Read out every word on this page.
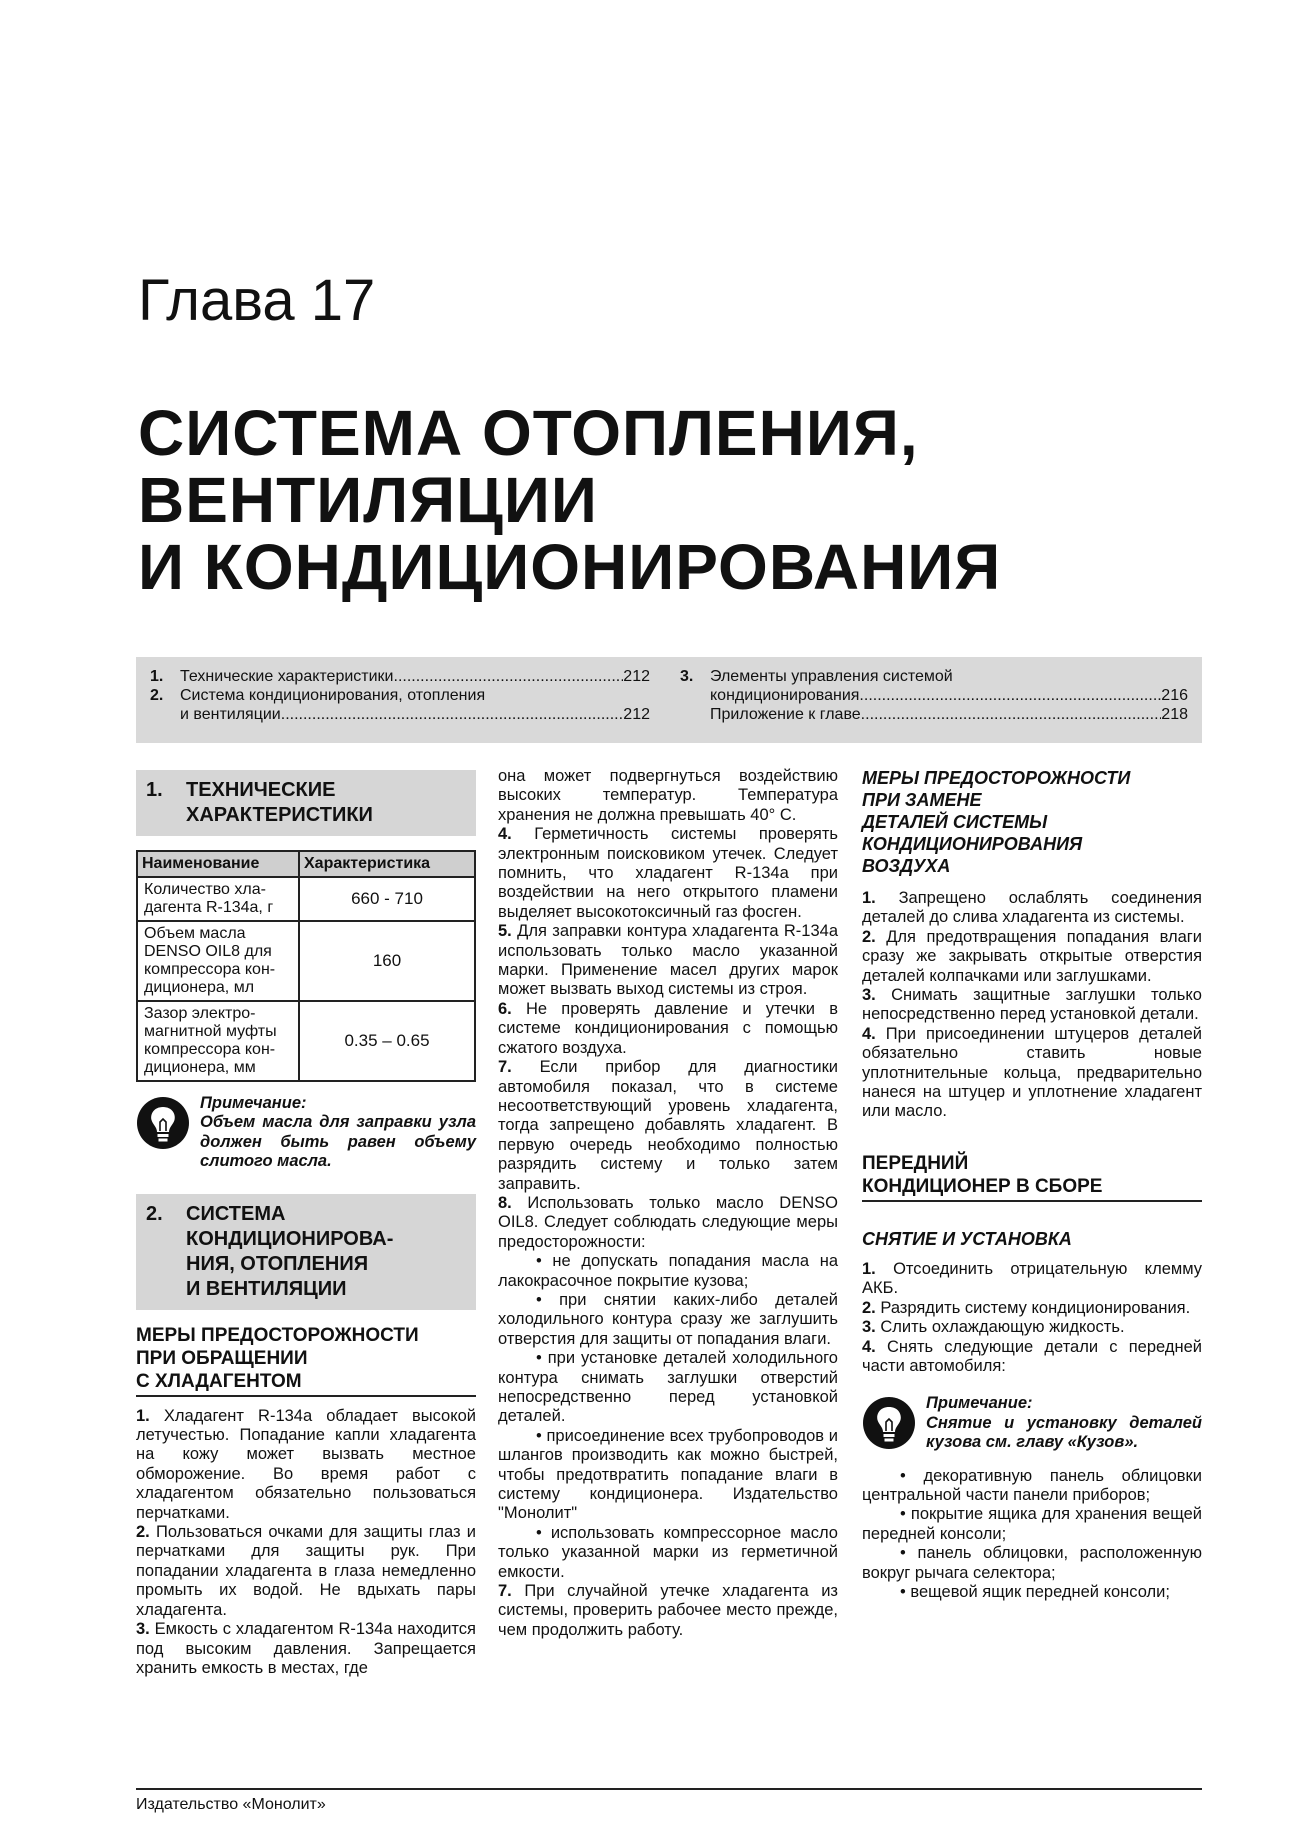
Глава 17
СИСТЕМА ОТОПЛЕНИЯ,
ВЕНТИЛЯЦИИ
И КОНДИЦИОНИРОВАНИЯ
1.	Технические характеристики .....	212
2.	Система кондиционирования, отопления
и вентиляции .....	212
3.	Элементы управления системой
кондиционирования .....	216
Приложение к главе .....	218
1.	ТЕХНИЧЕСКИЕ
ХАРАКТЕРИСТИКИ
Наименование	Характеристика
Количество хла-дагента R-134a, г	660 - 710
Объем масла DENSO OIL8 для компрессора кон-диционера, мл	160
Зазор электро-магнитной муфты компрессора кон-диционера, мм	0.35 – 0.65
Примечание:
Объем масла для заправки узла должен быть равен объему слитого масла.
2.	СИСТЕМА
КОНДИЦИОНИРОВА-
НИЯ, ОТОПЛЕНИЯ
И ВЕНТИЛЯЦИИ
МЕРЫ ПРЕДОСТОРОЖНОСТИ
ПРИ ОБРАЩЕНИИ
С ХЛАДАГЕНТОМ

1. Хладагент R-134a обладает высокой летучестью. Попадание капли хладагента на кожу может вызвать местное обморожение. Во время работ с хладагентом обязательно пользоваться перчатками.

2. Пользоваться очками для защиты глаз и перчатками для защиты рук. При попадании хладагента в глаза немедленно промыть их водой. Не вдыхать пары хладагента.

3. Емкость с хладагентом R-134a находится под высоким давления. Запрещается хранить емкость в местах, где

она может подвергнуться воздействию высоких температур. Температура хранения не должна превышать 40° С.

4. Герметичность системы проверять электронным поисковиком утечек. Следует помнить, что хладагент R-134a при воздействии на него открытого пламени выделяет высокотоксичный газ фосген.

5. Для заправки контура хладагента R-134a использовать только масло указанной марки. Применение масел других марок может вызвать выход системы из строя.

6. Не проверять давление и утечки в системе кондиционирования с помощью сжатого воздуха.

7. Если прибор для диагностики автомобиля показал, что в системе несоответствующий уровень хладагента, тогда запрещено добавлять хладагент. В первую очередь необходимо полностью разрядить систему и только затем заправить.

8. Использовать только масло DENSO OIL8. Следует соблюдать следующие меры предосторожности:

• не допускать попадания масла на лакокрасочное покрытие кузова;

• при снятии каких-либо деталей холодильного контура сразу же заглушить отверстия для защиты от попадания влаги.

• при установке деталей холодильного контура снимать заглушки отверстий непосредственно перед установкой деталей.

• присоединение всех трубопроводов и шлангов производить как можно быстрей, чтобы предотвратить попадание влаги в систему кондиционера. Издательство "Монолит"

• использовать компрессорное масло только указанной марки из герметичной емкости.

7. При случайной утечке хладагента из системы, проверить рабочее место прежде, чем продолжить работу.

МЕРЫ ПРЕДОСТОРОЖНОСТИ
ПРИ ЗАМЕНЕ
ДЕТАЛЕЙ СИСТЕМЫ
КОНДИЦИОНИРОВАНИЯ
ВОЗДУХА

1. Запрещено ослаблять соединения деталей до слива хладагента из системы.

2. Для предотвращения попадания влаги сразу же закрывать открытые отверстия деталей колпачками или заглушками.

3. Снимать защитные заглушки только непосредственно перед установкой детали.

4. При присоединении штуцеров деталей обязательно ставить новые уплотнительные кольца, предварительно нанеся на штуцер и уплотнение хладагент или масло.

ПЕРЕДНИЙ
КОНДИЦИОНЕР В СБОРЕ
СНЯТИЕ И УСТАНОВКА

1. Отсоединить отрицательную клемму АКБ.

2. Разрядить систему кондиционирования.

3. Слить охлаждающую жидкость.

4. Снять следующие детали с передней части автомобиля:

Примечание:
Снятие и установку деталей кузова см. главу «Кузов».

• декоративную панель облицовки центральной части панели приборов;

• покрытие ящика для хранения вещей передней консоли;

• панель облицовки, расположенную вокруг рычага селектора;

• вещевой ящик передней консоли;

Издательство «Монолит»
